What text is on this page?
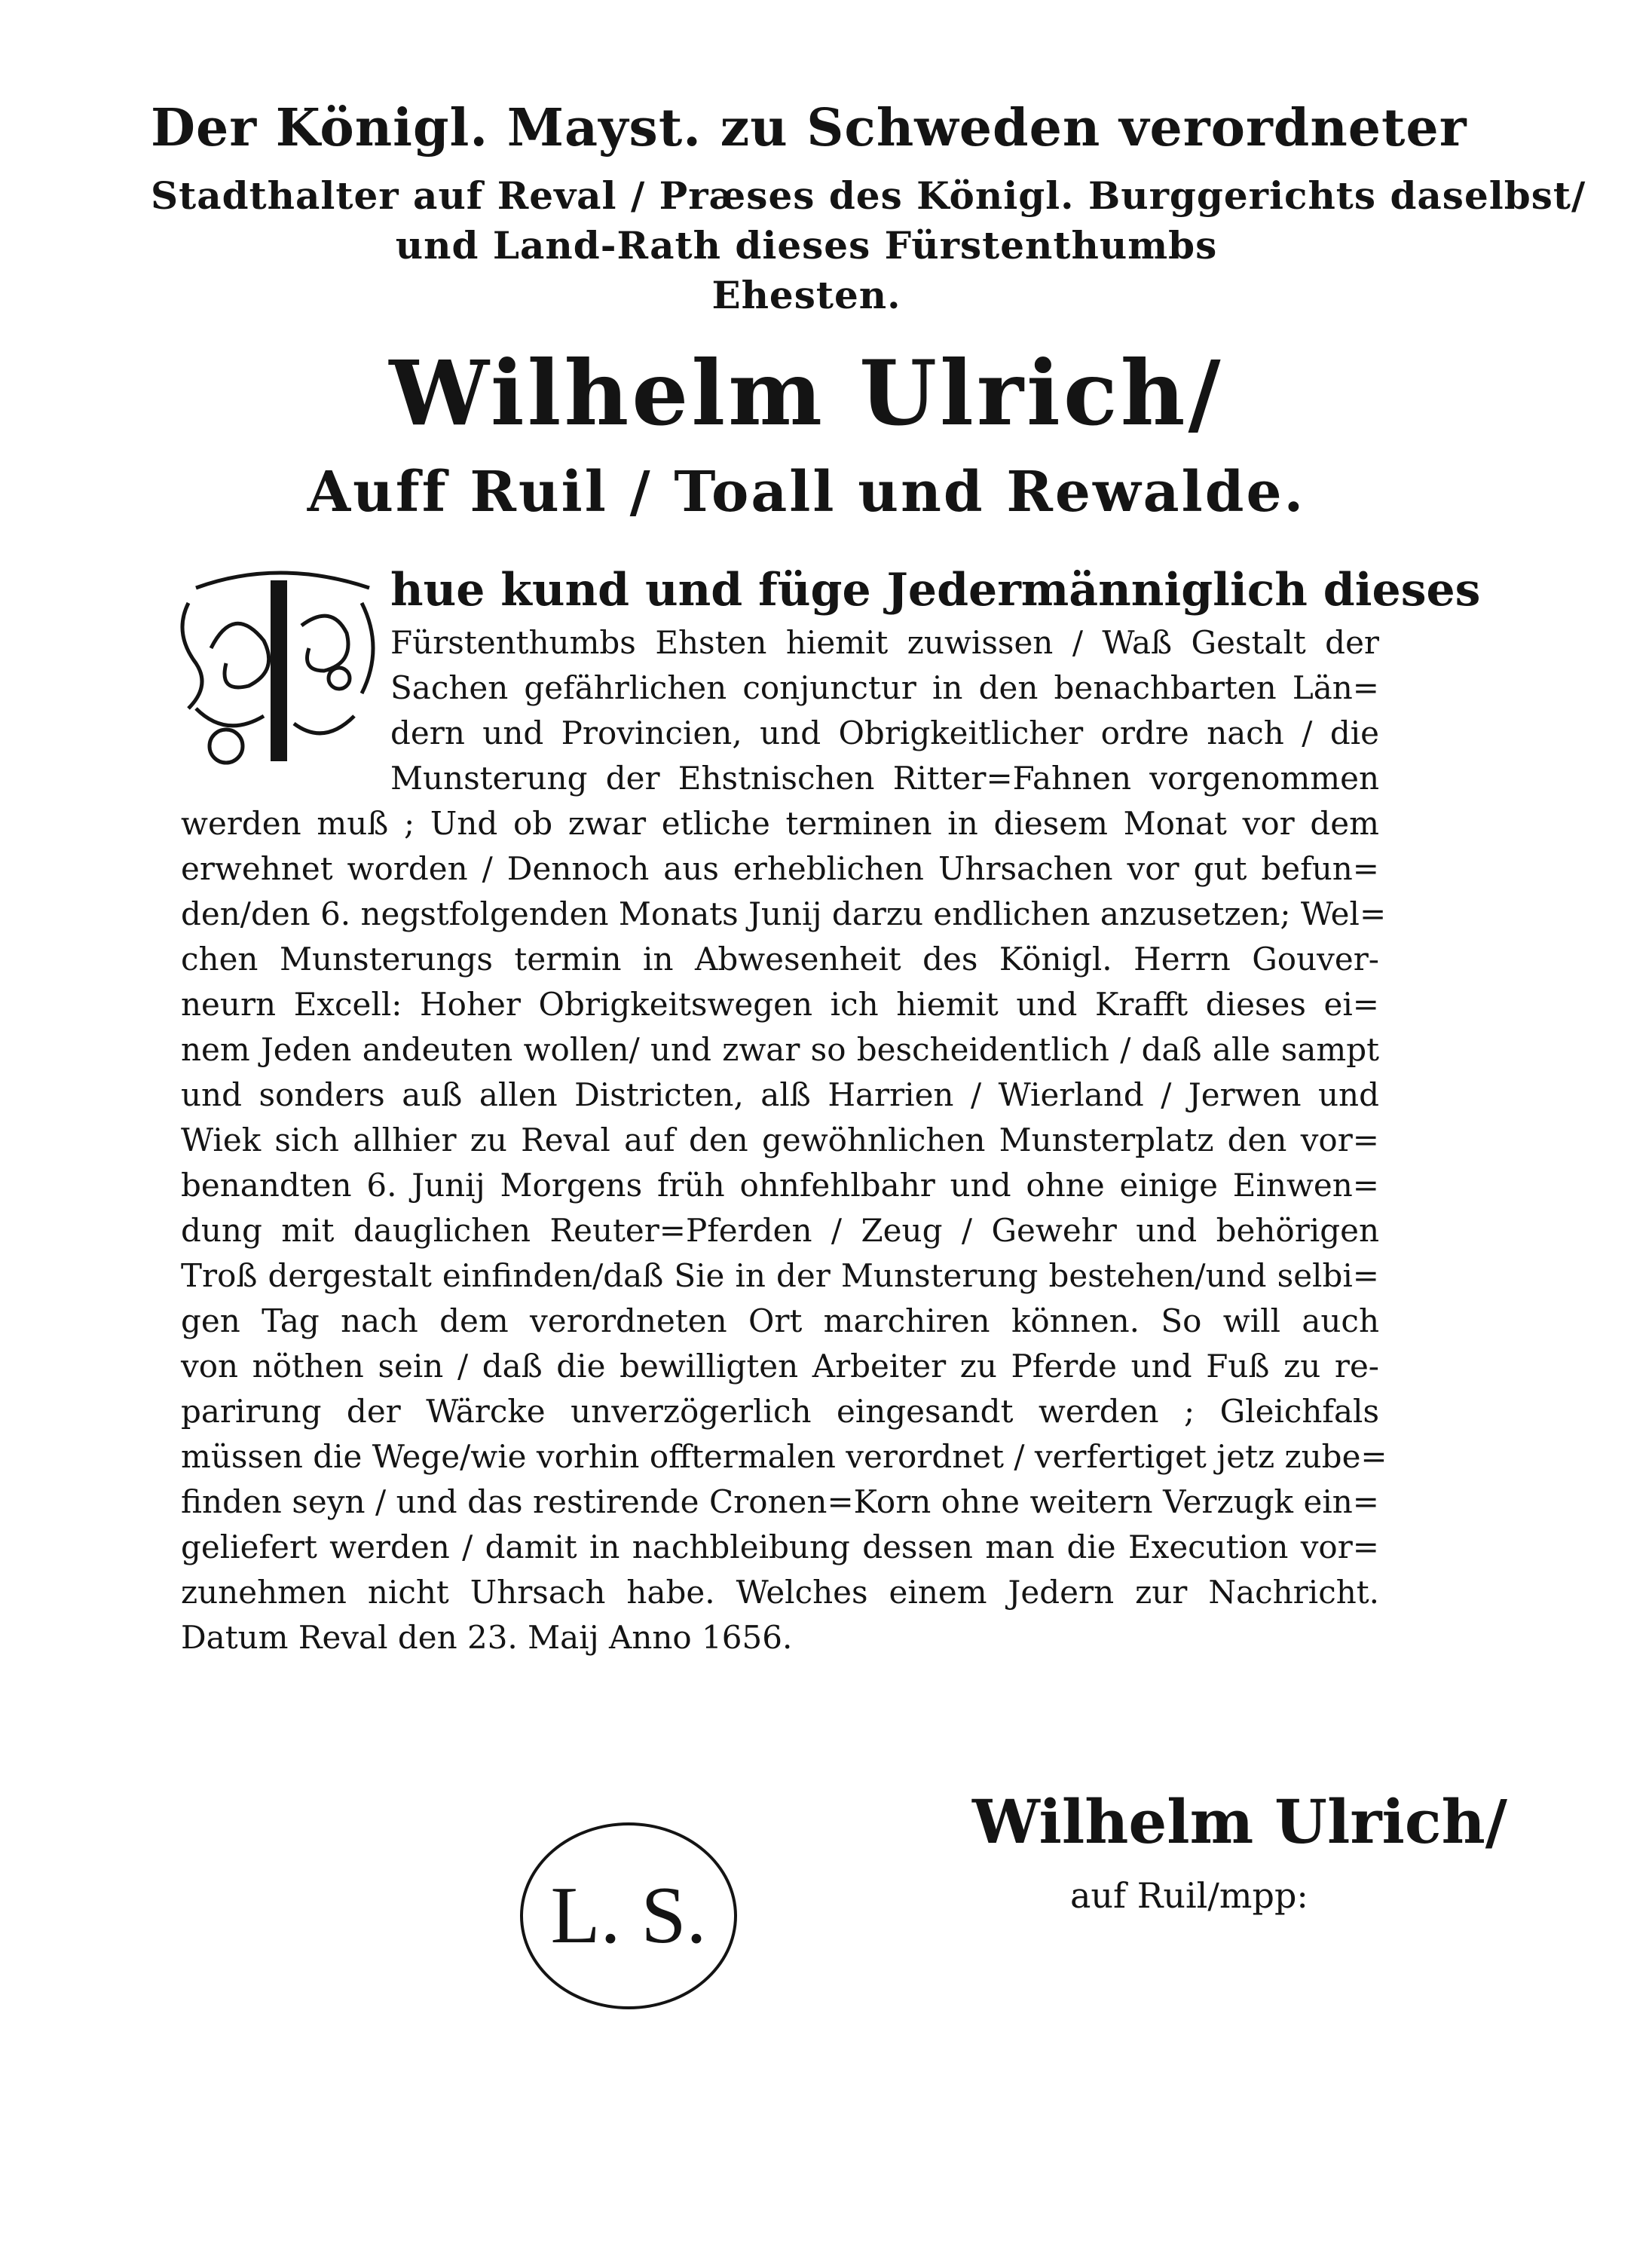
Der Königl. Mayst. zu Schweden verordneter
Stadthalter auf Reval / Præses des Königl. Burggerichts daselbst/
und Land-Rath dieses Fürstenthumbs
Ehesten.
Wilhelm Ulrich/
Auff Ruil / Toall und Rewalde.
hue kund und füge Jedermänniglich dieses
Fürstenthumbs Ehsten hiemit zuwissen / Waß Gestalt der
Sachen gefährlichen conjunctur in den benachbarten Län=
dern und Provincien, und Obrigkeitlicher ordre nach / die
Munsterung der Ehstnischen Ritter=Fahnen vorgenommen
werden muß ; Und ob zwar etliche terminen in diesem Monat vor dem
erwehnet worden / Dennoch aus erheblichen Uhrsachen vor gut befun=
den/den 6. negstfolgenden Monats Junij darzu endlichen anzusetzen; Wel=
chen Munsterungs termin in Abwesenheit des Königl. Herrn Gouver-
neurn Excell: Hoher Obrigkeitswegen ich hiemit und Krafft dieses ei=
nem Jeden andeuten wollen/ und zwar so bescheidentlich / daß alle sampt
und sonders auß allen Districten, alß Harrien / Wierland / Jerwen und
Wiek sich allhier zu Reval auf den gewöhnlichen Munsterplatz den vor=
benandten 6. Junij Morgens früh ohnfehlbahr und ohne einige Einwen=
dung mit dauglichen Reuter=Pferden / Zeug / Gewehr und behörigen
Troß dergestalt einfinden/daß Sie in der Munsterung bestehen/und selbi=
gen Tag nach dem verordneten Ort marchiren können. So will auch
von nöthen sein / daß die bewilligten Arbeiter zu Pferde und Fuß zu re-
parirung der Wärcke unverzögerlich eingesandt werden ; Gleichfals
müssen die Wege/wie vorhin offtermalen verordnet / verfertiget jetz zube=
finden seyn / und das restirende Cronen=Korn ohne weitern Verzugk ein=
geliefert werden / damit in nachbleibung dessen man die Execution vor=
zunehmen nicht Uhrsach habe. Welches einem Jedern zur Nachricht.
Datum Reval den 23. Maij Anno 1656.
L. S.
Wilhelm Ulrich/
auf Ruil/mpp:
